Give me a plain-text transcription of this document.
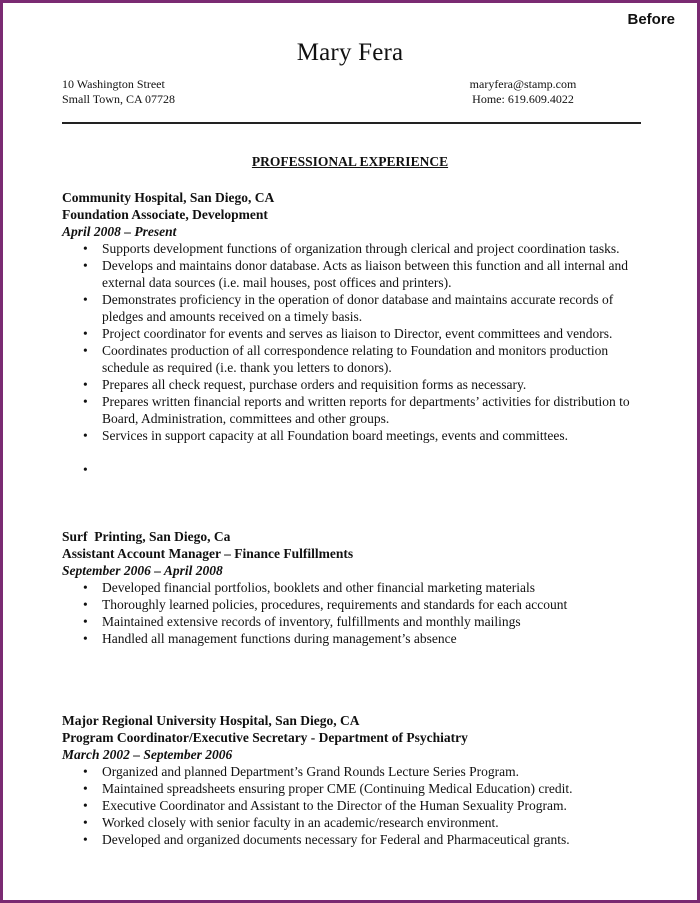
Before
Mary Fera
10 Washington Street
Small Town, CA 07728
maryfera@stamp.com
Home: 619.609.4022
PROFESSIONAL EXPERIENCE
Community Hospital, San Diego, CA
Foundation Associate, Development
April 2008 – Present
• Supports development functions of organization through clerical and project coordination tasks.
• Develops and maintains donor database. Acts as liaison between this function and all internal and external data sources (i.e. mail houses, post offices and printers).
• Demonstrates proficiency in the operation of donor database and maintains accurate records of pledges and amounts received on a timely basis.
• Project coordinator for events and serves as liaison to Director, event committees and vendors.
• Coordinates production of all correspondence relating to Foundation and monitors production schedule as required (i.e. thank you letters to donors).
• Prepares all check request, purchase orders and requisition forms as necessary.
• Prepares written financial reports and written reports for departments’ activities for distribution to Board, Administration, committees and other groups.
• Services in support capacity at all Foundation board meetings, events and committees.
•
Surf  Printing, San Diego, Ca
Assistant Account Manager – Finance Fulfillments
September 2006 – April 2008
• Developed financial portfolios, booklets and other financial marketing materials
• Thoroughly learned policies, procedures, requirements and standards for each account
• Maintained extensive records of inventory, fulfillments and monthly mailings
• Handled all management functions during management’s absence
Major Regional University Hospital, San Diego, CA
Program Coordinator/Executive Secretary - Department of Psychiatry
March 2002 – September 2006
• Organized and planned Department’s Grand Rounds Lecture Series Program.
• Maintained spreadsheets ensuring proper CME (Continuing Medical Education) credit.
• Executive Coordinator and Assistant to the Director of the Human Sexuality Program.
• Worked closely with senior faculty in an academic/research environment.
• Developed and organized documents necessary for Federal and Pharmaceutical grants.
